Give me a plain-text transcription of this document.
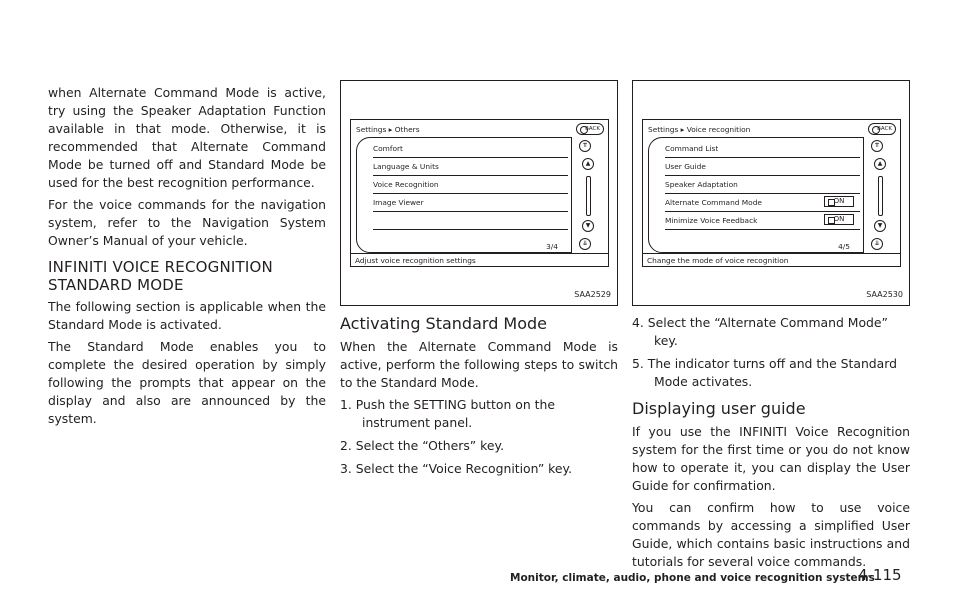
when Alternate Command Mode is active, try using the Speaker Adaptation Function available in that mode. Otherwise, it is recommended that Alternate Command Mode be turned off and Standard Mode be used for the best recognition performance.

For the voice commands for the navigation system, refer to the Navigation System Owner’s Manual of your vehicle.

INFINITI VOICE RECOGNITION STANDARD MODE

The following section is applicable when the Standard Mode is activated.

The Standard Mode enables you to complete the desired operation by simply following the prompts that appear on the display and also are announced by the system.

Settings ▸ Others	BACK
Comfort
Language & Units
Voice Recognition
Image Viewer
⇈
▲
▼
⇊
3/4
Adjust voice recognition settings
SAA2529
Activating Standard Mode

When the Alternate Command Mode is active, perform the following steps to switch to the Standard Mode.

1. Push the SETTING button on the instrument panel.
2. Select the “Others” key.
3. Select the “Voice Recognition” key.
Settings ▸ Voice recognition	BACK
Command List
User Guide
Speaker Adaptation
Alternate Command Mode	ON
Minimize Voice Feedback	ON
⇈
▲
▼
⇊
4/5
Change the mode of voice recognition
SAA2530
4. Select the “Alternate Command Mode” key.
5. The indicator turns off and the Standard Mode activates.
Displaying user guide

If you use the INFINITI Voice Recognition system for the first time or you do not know how to operate it, you can display the User Guide for confirmation.

You can confirm how to use voice commands by accessing a simplified User Guide, which contains basic instructions and tutorials for several voice commands.

Monitor, climate, audio, phone and voice recognition systems
4-115
